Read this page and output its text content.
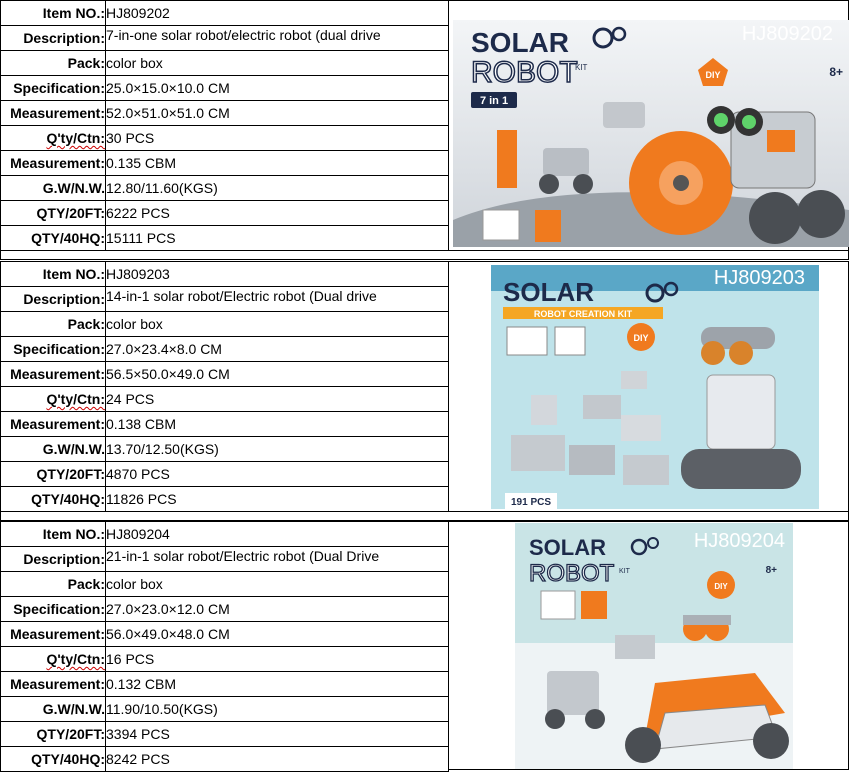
Item NO.:	HJ809202
Description:	7-in-one solar robot/electric robot (dual drive
Pack:	color box
Specification:	25.0×15.0×10.0 CM
Measurement:	52.0×51.0×51.0 CM
Q'ty/Ctn:	30 PCS
Measurement:	0.135 CBM
G.W/N.W.	12.80/11.60(KGS)
QTY/20FT:	6222 PCS
QTY/40HQ:	15111 PCS
SOLAR
ROBOT
KIT
7 in 1
HJ809202
DIY	8+
Item NO.:	HJ809203
Description:	14-in-1 solar robot/Electric robot (Dual drive
Pack:	color box
Specification:	27.0×23.4×8.0 CM
Measurement:	56.5×50.0×49.0 CM
Q'ty/Ctn:	24 PCS
Measurement:	0.138 CBM
G.W/N.W.	13.70/12.50(KGS)
QTY/20FT:	4870 PCS
QTY/40HQ:	11826 PCS
HJ809203
SOLAR
ROBOT CREATION KIT
DIY
191 PCS
Item NO.:	HJ809204
Description:	21-in-1 solar robot/Electric robot (Dual Drive
Pack:	color box
Specification:	27.0×23.0×12.0 CM
Measurement:	56.0×49.0×48.0 CM
Q'ty/Ctn:	16 PCS
Measurement:	0.132 CBM
G.W/N.W.	11.90/10.50(KGS)
QTY/20FT:	3394 PCS
QTY/40HQ:	8242 PCS
HJ809204
SOLAR
ROBOT KIT
DIY
8+
